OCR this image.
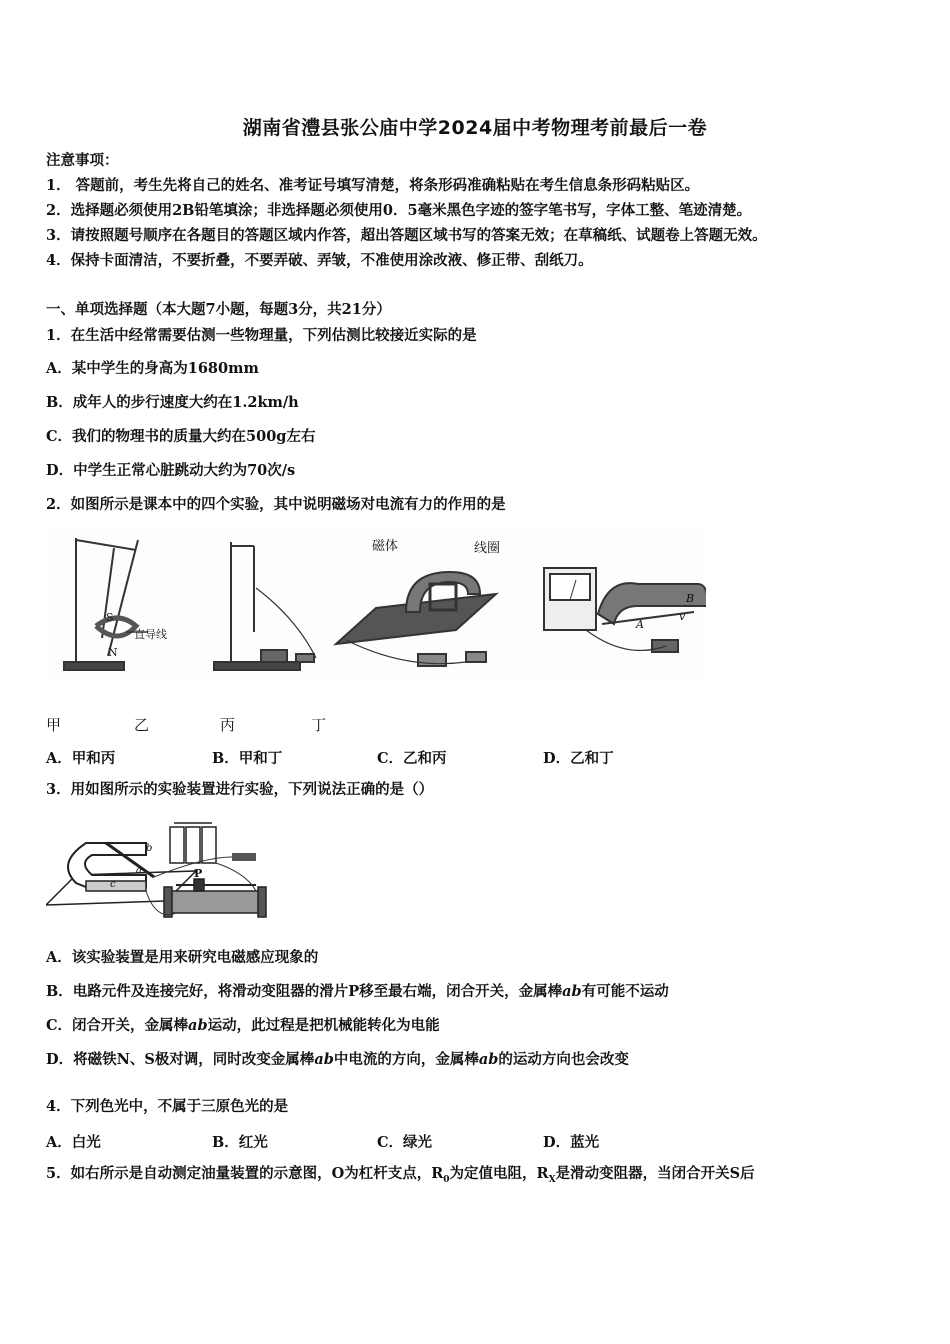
湖南省澧县张公庙中学2024届中考物理考前最后一卷
注意事项：
1． 答题前，考生先将自己的姓名、准考证号填写清楚，将条形码准确粘贴在考生信息条形码粘贴区。
2．选择题必须使用2B铅笔填涂；非选择题必须使用0．5毫米黑色字迹的签字笔书写，字体工整、笔迹清楚。
3．请按照题号顺序在各题目的答题区域内作答，超出答题区域书写的答案无效；在草稿纸、试题卷上答题无效。
4．保持卡面清洁，不要折叠，不要弄破、弄皱，不准使用涂改液、修正带、刮纸刀。
一、单项选择题（本大题7小题，每题3分，共21分）
1．在生活中经常需要估测一些物理量，下列估测比较接近实际的是
A．某中学生的身高为1680mm
B．成年人的步行速度大约在1.2km/h
C．我们的物理书的质量大约在500g左右
D．中学生正常心脏跳动大约为70次/s
2．如图所示是课本中的四个实验，其中说明磁场对电流有力的作用的是
S
N
直导线
磁体	线圈
B
A
v
甲	乙	丙	丁
A．甲和丙	B．甲和丁	C．乙和丙	D．乙和丁
3．用如图所示的实验装置进行实验，下列说法正确的是（）
P
b
c
a
A．该实验装置是用来研究电磁感应现象的
B．电路元件及连接完好，将滑动变阻器的滑片P移至最右端，闭合开关，金属棒ab有可能不运动
C．闭合开关，金属棒ab运动，此过程是把机械能转化为电能
D．将磁铁N、S极对调，同时改变金属棒ab中电流的方向，金属棒ab的运动方向也会改变
4．下列色光中，不属于三原色光的是
A．白光	B．红光	C．绿光	D．蓝光
5．如右所示是自动测定油量装置的示意图，O为杠杆支点，$R_0$为定值电阻，$R_X$是滑动变阻器，当闭合开关S后
